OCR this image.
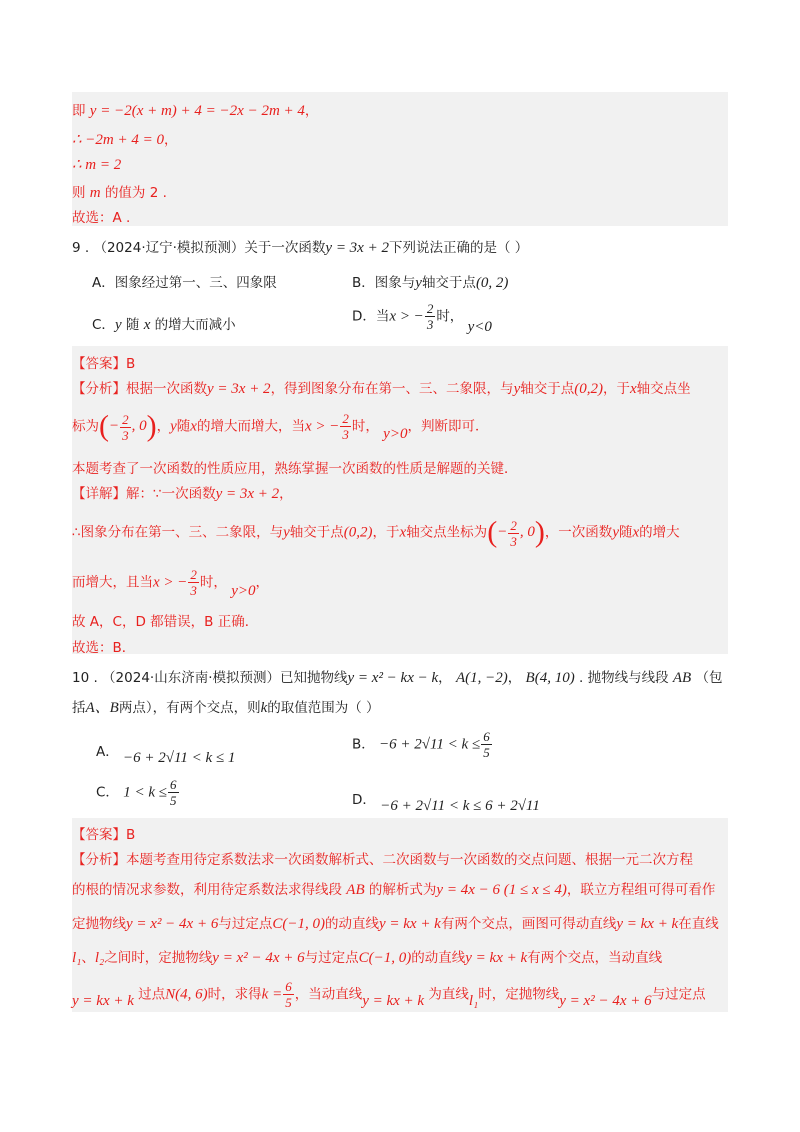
即 y = −2(x + m) + 4 = −2x − 2m + 4，
∴ −2m + 4 = 0，
∴ m = 2
则 m 的值为 2 .
故选：A .
9 . （2024·辽宁·模拟预测）关于一次函数y = 3x + 2下列说法正确的是（ ）
A．图象经过第一、三、四象限	B．图象与y轴交于点(0, 2)
C．y 随 x 的增大而减小
D．当x > − $\frac{2}{3}$ 时， y<0
【答案】B
【分析】根据一次函数y = 3x + 2，得到图象分布在第一、三、二象限，与y轴交于点(0,2)，于x轴交点坐
标为(− $\frac{2}{3}$ , 0)，y随x的增大而增大，当x > − $\frac{2}{3}$ 时， y>0，判断即可．
本题考查了一次函数的性质应用，熟练掌握一次函数的性质是解题的关键．
【详解】解：∵一次函数y = 3x + 2，
∴图象分布在第一、三、二象限，与y轴交于点(0,2)，于x轴交点坐标为(− $\frac{2}{3}$ , 0)，一次函数y随x的增大
而增大，且当x > − $\frac{2}{3}$ 时， y>0，
故 A，C，D 都错误，B 正确．
故选：B．
10 . （2024·山东济南·模拟预测）已知抛物线y = x² − kx − k， A(1, −2)， B(4, 10) . 抛物线与线段 AB （包
括A、B两点），有两个交点，则k的取值范围为（ ）
A． −6 + 2√11 < k ≤ 1
B． $-6 + 2√11 < k \le \frac{6}{5}$
C． $1 < k \le \frac{6}{5}$	D． −6 + 2√11 < k ≤ 6 + 2√11
【答案】B
【分析】本题考查用待定系数法求一次函数解析式、二次函数与一次函数的交点问题、根据一元二次方程
的根的情况求参数，利用待定系数法求得线段 AB 的解析式为y = 4x − 6 (1 ≤ x ≤ 4)，联立方程组可得可看作
定抛物线y = x² − 4x + 6与过定点C(−1, 0)的动直线y = kx + k有两个交点，画图可得动直线y = kx + k在直线
l₁、l₂之间时，定抛物线y = x² − 4x + 6与过定点C(−1, 0)的动直线y = kx + k有两个交点，当动直线
y = kx + k 过点N(4, 6)时，求得$k = \frac{6}{5}$ ，当动直线y = kx + k 为直线l₁时，定抛物线y = x² − 4x + 6与过定点
